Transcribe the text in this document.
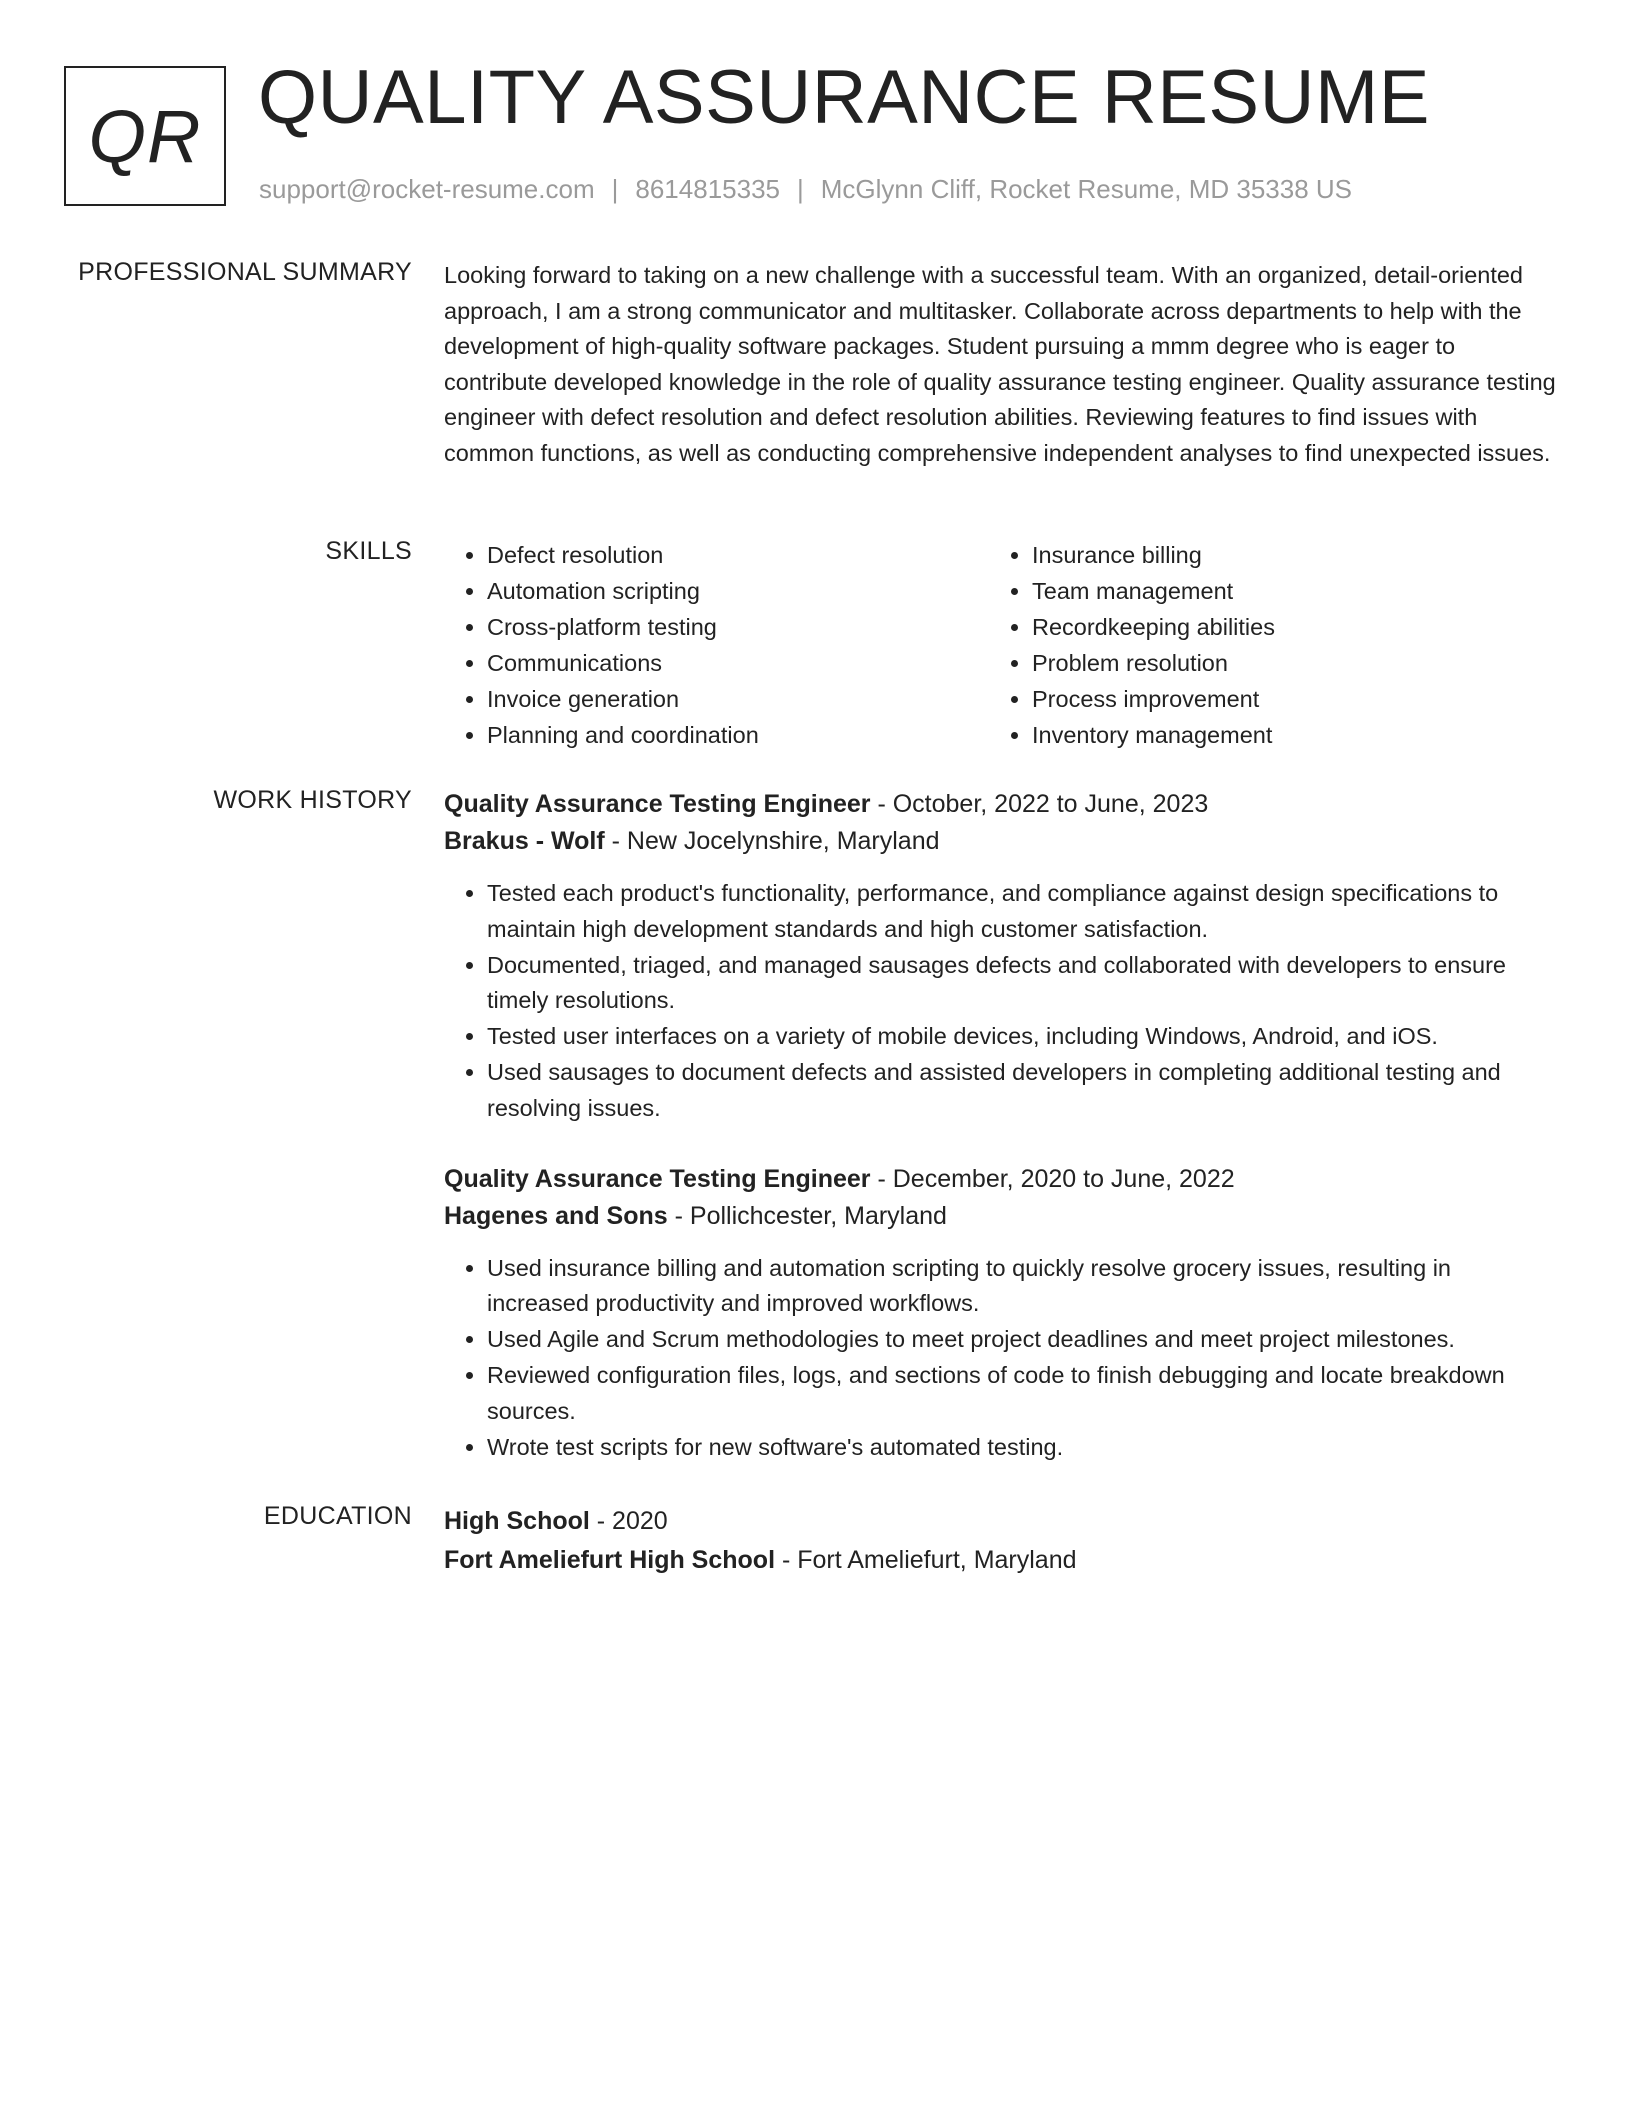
QR QUALITY ASSURANCE RESUME
support@rocket-resume.com | 8614815335 | McGlynn Cliff, Rocket Resume, MD 35338 US
PROFESSIONAL SUMMARY Looking forward to taking on a new challenge with a successful team. With an organized, detail-oriented approach, I am a strong communicator and multitasker. Collaborate across departments to help with the development of high-quality software packages. Student pursuing a mmm degree who is eager to contribute developed knowledge in the role of quality assurance testing engineer. Quality assurance testing engineer with defect resolution and defect resolution abilities. Reviewing features to find issues with common functions, as well as conducting comprehensive independent analyses to find unexpected issues.
SKILLS
•	Defect resolution
• Automation scripting
• Cross-platform testing
• Communications
• Invoice generation
• Planning and coordination
• Insurance billing
• Team management
• Recordkeeping abilities
• Problem resolution
• Process improvement
• Inventory management
WORK HISTORY Quality Assurance Testing Engineer - October, 2022 to June, 2023
Brakus - Wolf - New Jocelynshire, Maryland
• Tested each product's functionality, performance, and compliance against design specifications to maintain high development standards and high customer satisfaction.
• Documented, triaged, and managed sausages defects and collaborated with developers to ensure timely resolutions.
• Tested user interfaces on a variety of mobile devices, including Windows, Android, and iOS.
• Used sausages to document defects and assisted developers in completing additional testing and resolving issues.
Quality Assurance Testing Engineer - December, 2020 to June, 2022
Hagenes and Sons - Pollichcester, Maryland
• Used insurance billing and automation scripting to quickly resolve grocery issues, resulting in increased productivity and improved workflows.
• Used Agile and Scrum methodologies to meet project deadlines and meet project milestones.
• Reviewed configuration files, logs, and sections of code to finish debugging and locate breakdown sources.
• Wrote test scripts for new software's automated testing.
EDUCATION High School - 2020
Fort Ameliefurt High School - Fort Ameliefurt, Maryland
